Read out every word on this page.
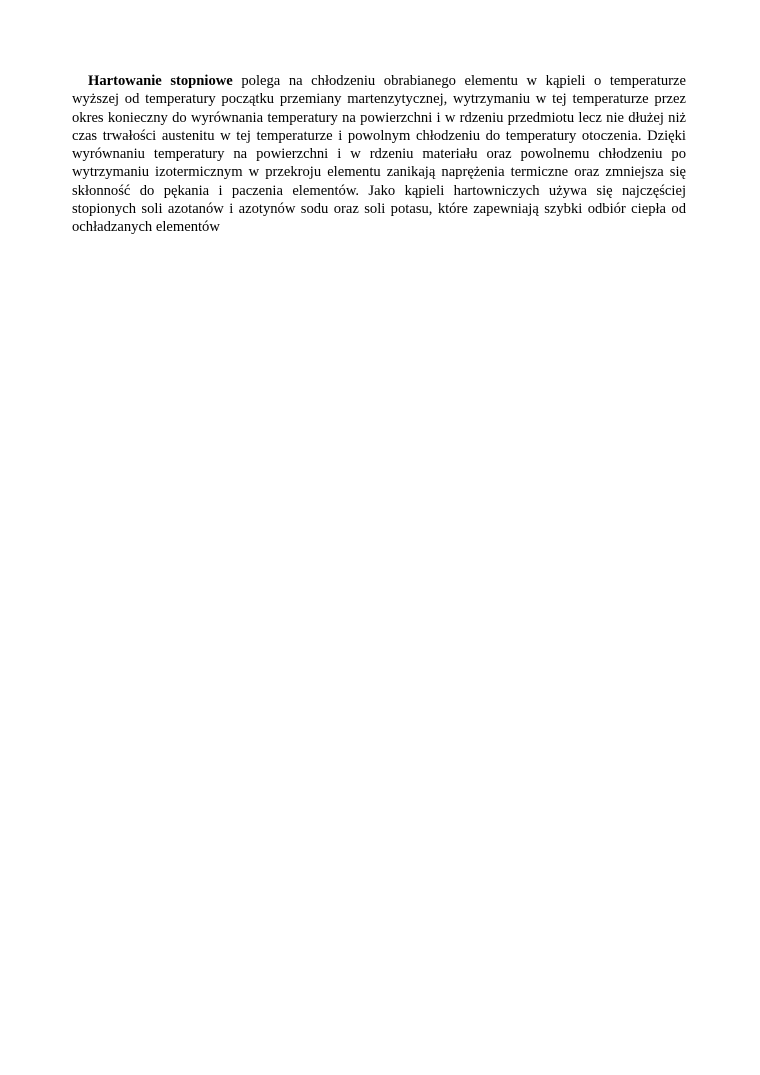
Hartowanie stopniowe polega na chłodzeniu obrabianego elementu w kąpieli o temperaturze wyższej od temperatury początku przemiany martenzytycznej, wytrzymaniu w tej temperaturze przez okres konieczny do wyrównania temperatury na powierzchni i w rdzeniu przedmiotu lecz nie dłużej niż czas trwałości austenitu w tej temperaturze i powolnym chłodzeniu do temperatury otoczenia. Dzięki wyrównaniu temperatury na powierzchni i w rdzeniu materiału oraz powolnemu chłodzeniu po wytrzymaniu izotermicznym w przekroju elementu zanikają naprężenia termiczne oraz zmniejsza się skłonność do pękania i paczenia elementów. Jako kąpieli hartowniczych używa się najczęściej stopionych soli azotanów i azotynów sodu oraz soli potasu, które zapewniają szybki odbiór ciepła od ochładzanych elementów
